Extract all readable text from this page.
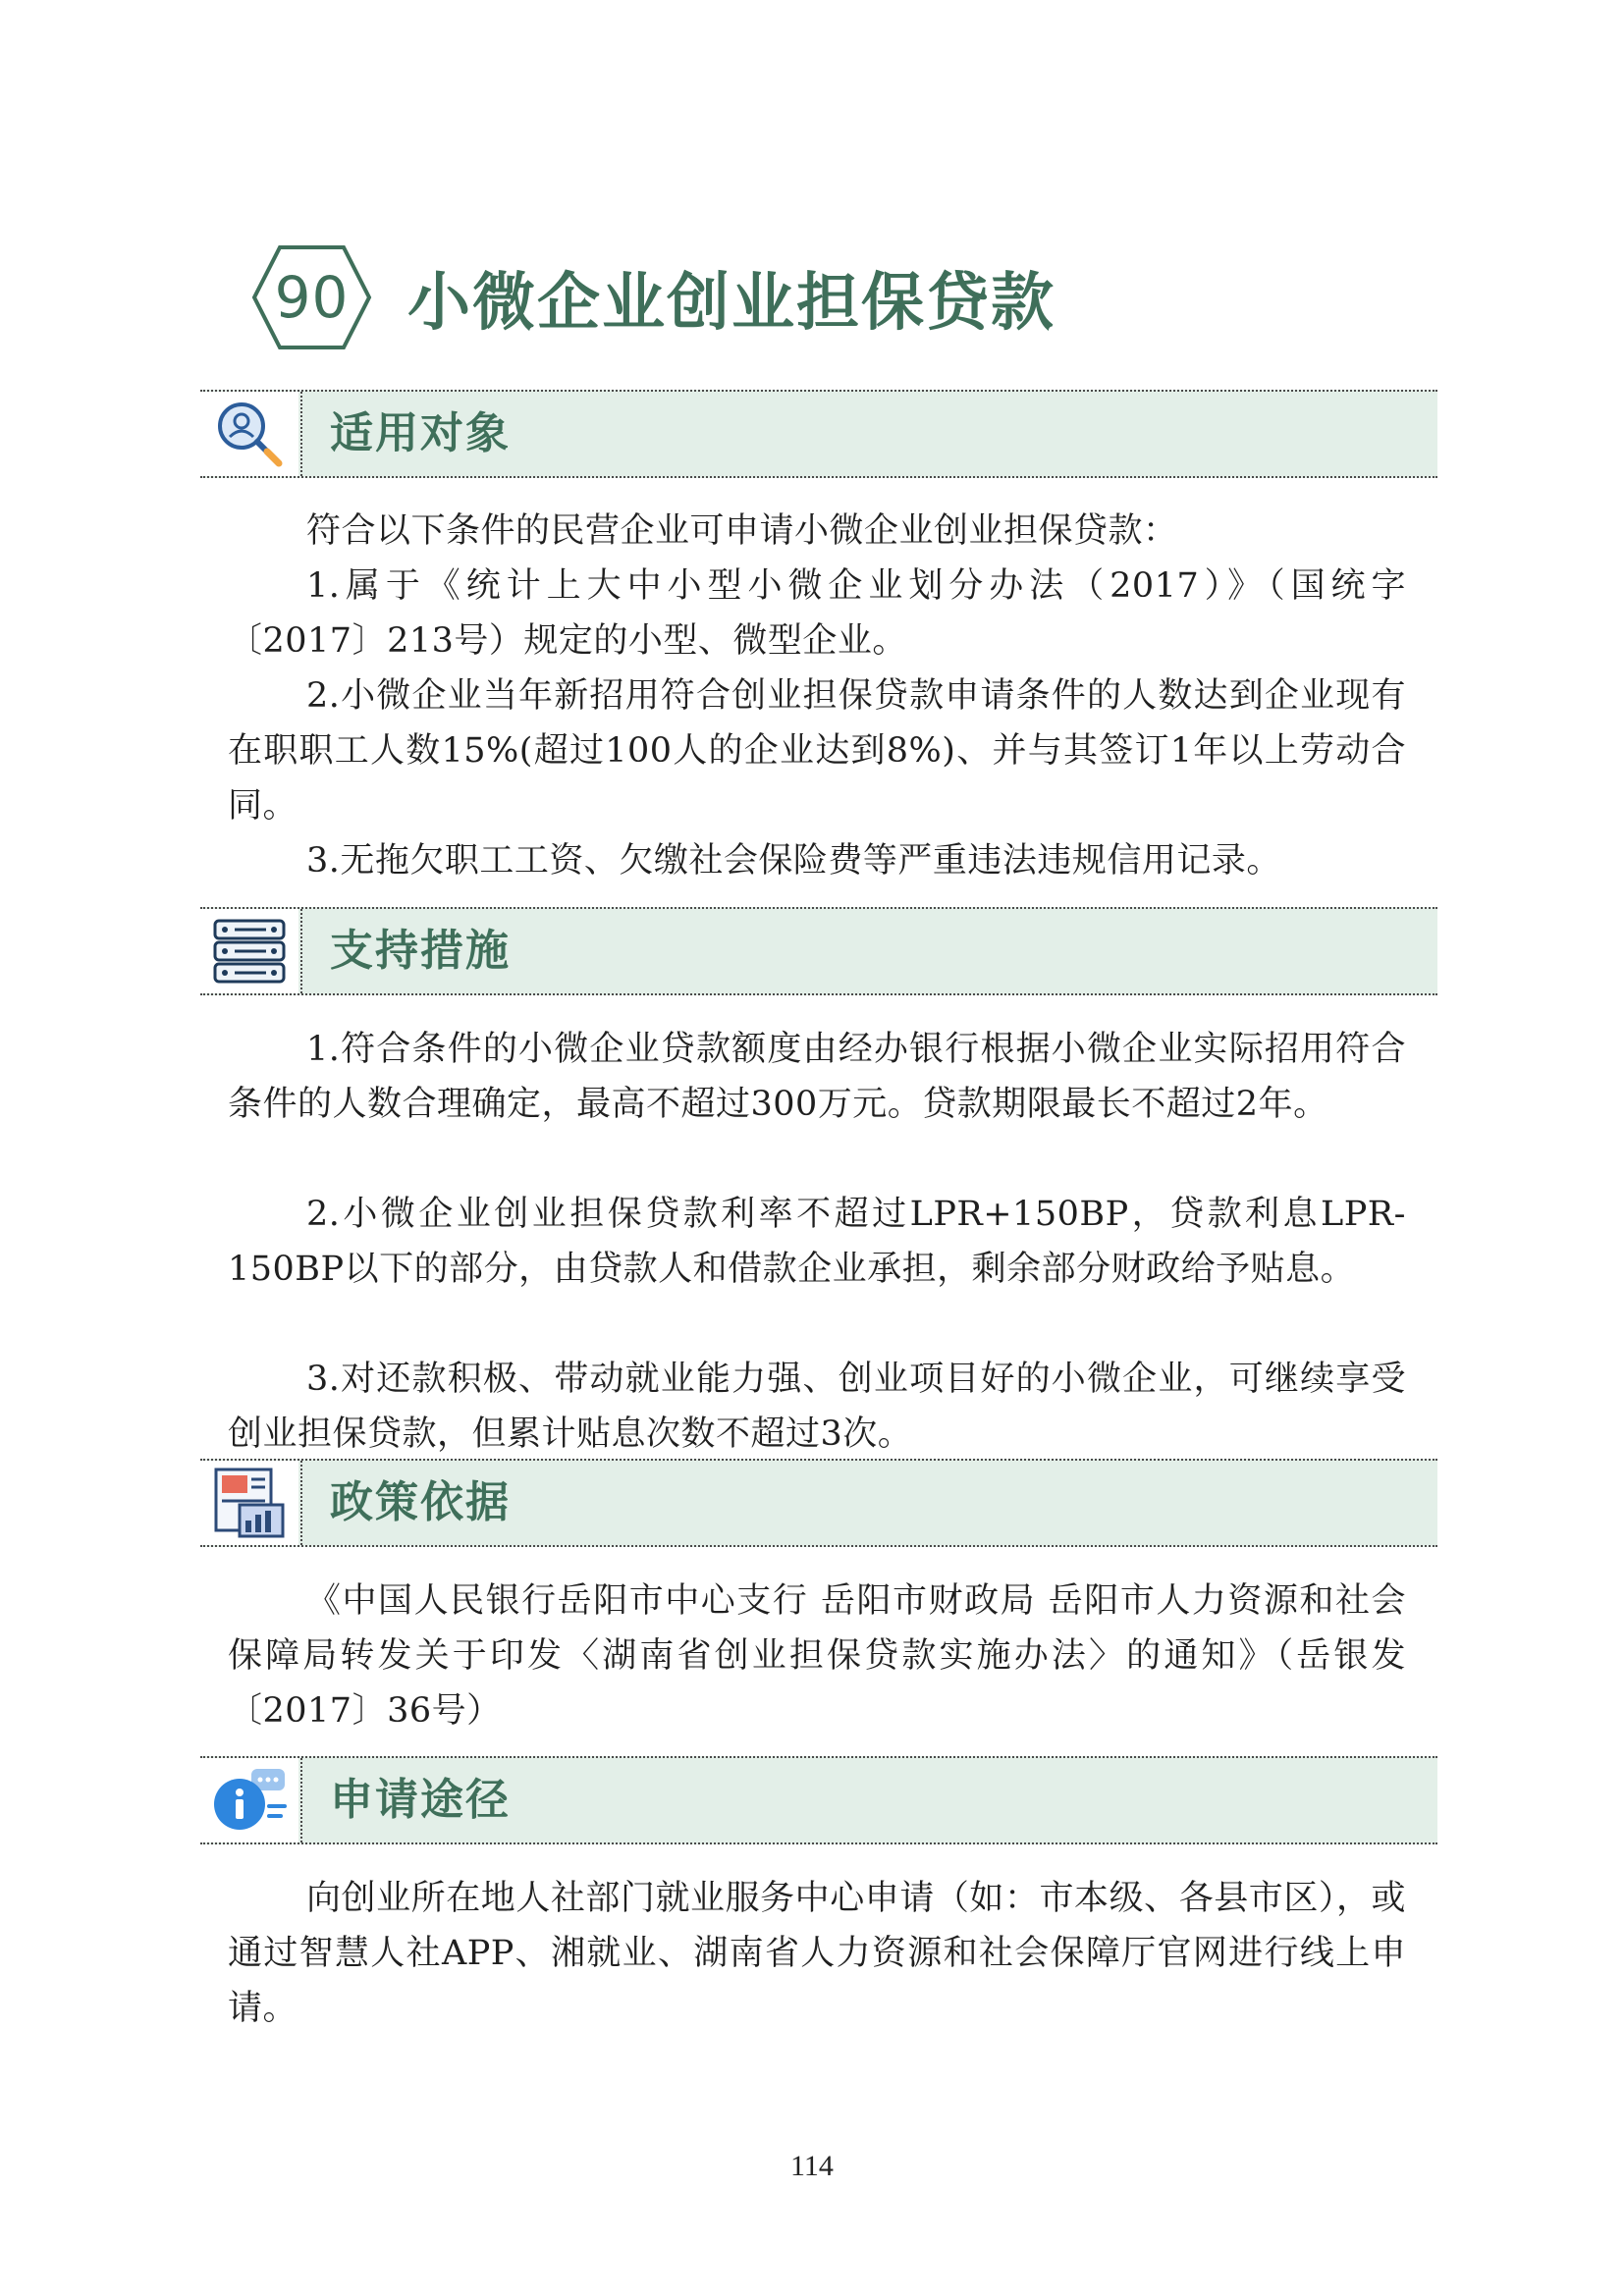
90 小微企业创业担保贷款
适用对象

符合以下条件的民营企业可申请小微企业创业担保贷款：

1.属于《统计上大中小型小微企业划分办法（2017）》（国统字〔2017〕213号）规定的小型、微型企业。

2.小微企业当年新招用符合创业担保贷款申请条件的人数达到企业现有在职职工人数15%(超过100人的企业达到8%)、并与其签订1年以上劳动合同。

3.无拖欠职工工资、欠缴社会保险费等严重违法违规信用记录。

支持措施

1.符合条件的小微企业贷款额度由经办银行根据小微企业实际招用符合条件的人数合理确定，最高不超过300万元。贷款期限最长不超过2年。

2.小微企业创业担保贷款利率不超过LPR+150BP，贷款利息LPR-150BP以下的部分，由贷款人和借款企业承担，剩余部分财政给予贴息。

3.对还款积极、带动就业能力强、创业项目好的小微企业，可继续享受创业担保贷款，但累计贴息次数不超过3次。

政策依据

《中国人民银行岳阳市中心支行 岳阳市财政局 岳阳市人力资源和社会保障局转发关于印发〈湖南省创业担保贷款实施办法〉的通知》（岳银发〔2017〕36号）

申请途径

向创业所在地人社部门就业服务中心申请（如：市本级、各县市区），或通过智慧人社APP、湘就业、湖南省人力资源和社会保障厅官网进行线上申请。

114
